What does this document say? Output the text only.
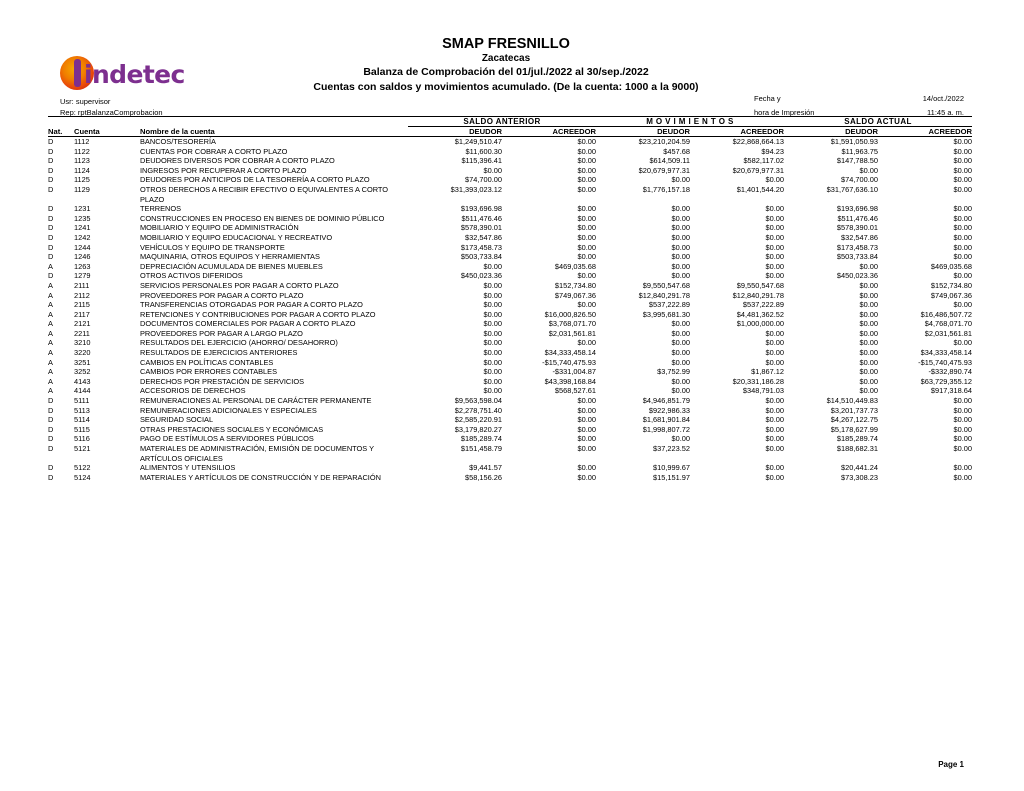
indetec
SMAP FRESNILLO
Zacatecas
Balanza de Comprobación del 01/jul./2022 al 30/sep./2022
Cuentas con saldos y movimientos acumulado. (De la cuenta: 1000 a la 9000)
Usr: supervisor
Rep: rptBalanzaComprobacion
Fecha y	14/oct./2022
hora de Impresión	11:45 a. m.
			SALDO ANTERIOR		M O V I M I E N T O S		SALDO ACTUAL	
Nat.	Cuenta	Nombre de la cuenta	DEUDOR	ACREEDOR	DEUDOR	ACREEDOR	DEUDOR	ACREEDOR
D	1112	BANCOS/TESORERÍA	$1,249,510.47	$0.00	$23,210,204.59	$22,868,664.13	$1,591,050.93	$0.00
D	1122	CUENTAS POR COBRAR A CORTO PLAZO	$11,600.30	$0.00	$457.68	$94.23	$11,963.75	$0.00
D	1123	DEUDORES DIVERSOS POR COBRAR A CORTO PLAZO	$115,396.41	$0.00	$614,509.11	$582,117.02	$147,788.50	$0.00
D	1124	INGRESOS POR RECUPERAR A CORTO PLAZO	$0.00	$0.00	$20,679,977.31	$20,679,977.31	$0.00	$0.00
D	1125	DEUDORES POR ANTICIPOS DE LA TESORERÍA A CORTO PLAZO	$74,700.00	$0.00	$0.00	$0.00	$74,700.00	$0.00
D	1129	OTROS DERECHOS A RECIBIR EFECTIVO O EQUIVALENTES A CORTO PLAZO	$31,393,023.12	$0.00	$1,776,157.18	$1,401,544.20	$31,767,636.10	$0.00
D	1231	TERRENOS	$193,696.98	$0.00	$0.00	$0.00	$193,696.98	$0.00
D	1235	CONSTRUCCIONES EN PROCESO EN BIENES DE DOMINIO PÚBLICO	$511,476.46	$0.00	$0.00	$0.00	$511,476.46	$0.00
D	1241	MOBILIARIO Y EQUIPO DE ADMINISTRACIÓN	$578,390.01	$0.00	$0.00	$0.00	$578,390.01	$0.00
D	1242	MOBILIARIO Y EQUIPO EDUCACIONAL Y RECREATIVO	$32,547.86	$0.00	$0.00	$0.00	$32,547.86	$0.00
D	1244	VEHÍCULOS Y EQUIPO DE TRANSPORTE	$173,458.73	$0.00	$0.00	$0.00	$173,458.73	$0.00
D	1246	MAQUINARIA, OTROS EQUIPOS Y HERRAMIENTAS	$503,733.84	$0.00	$0.00	$0.00	$503,733.84	$0.00
A	1263	DEPRECIACIÓN ACUMULADA DE BIENES MUEBLES	$0.00	$469,035.68	$0.00	$0.00	$0.00	$469,035.68
D	1279	OTROS ACTIVOS DIFERIDOS	$450,023.36	$0.00	$0.00	$0.00	$450,023.36	$0.00
A	2111	SERVICIOS PERSONALES POR PAGAR A CORTO PLAZO	$0.00	$152,734.80	$9,550,547.68	$9,550,547.68	$0.00	$152,734.80
A	2112	PROVEEDORES POR PAGAR A CORTO PLAZO	$0.00	$749,067.36	$12,840,291.78	$12,840,291.78	$0.00	$749,067.36
A	2115	TRANSFERENCIAS OTORGADAS POR PAGAR A CORTO PLAZO	$0.00	$0.00	$537,222.89	$537,222.89	$0.00	$0.00
A	2117	RETENCIONES Y CONTRIBUCIONES POR PAGAR A CORTO PLAZO	$0.00	$16,000,826.50	$3,995,681.30	$4,481,362.52	$0.00	$16,486,507.72
A	2121	DOCUMENTOS COMERCIALES POR PAGAR A CORTO PLAZO	$0.00	$3,768,071.70	$0.00	$1,000,000.00	$0.00	$4,768,071.70
A	2211	PROVEEDORES POR PAGAR A LARGO PLAZO	$0.00	$2,031,561.81	$0.00	$0.00	$0.00	$2,031,561.81
A	3210	RESULTADOS DEL EJERCICIO (AHORRO/ DESAHORRO)	$0.00	$0.00	$0.00	$0.00	$0.00	$0.00
A	3220	RESULTADOS DE EJERCICIOS ANTERIORES	$0.00	$34,333,458.14	$0.00	$0.00	$0.00	$34,333,458.14
A	3251	CAMBIOS EN POLÍTICAS CONTABLES	$0.00	-$15,740,475.93	$0.00	$0.00	$0.00	-$15,740,475.93
A	3252	CAMBIOS POR ERRORES CONTABLES	$0.00	-$331,004.87	$3,752.99	$1,867.12	$0.00	-$332,890.74
A	4143	DERECHOS POR PRESTACIÓN DE SERVICIOS	$0.00	$43,398,168.84	$0.00	$20,331,186.28	$0.00	$63,729,355.12
A	4144	ACCESORIOS DE DERECHOS	$0.00	$568,527.61	$0.00	$348,791.03	$0.00	$917,318.64
D	5111	REMUNERACIONES AL PERSONAL DE CARÁCTER PERMANENTE	$9,563,598.04	$0.00	$4,946,851.79	$0.00	$14,510,449.83	$0.00
D	5113	REMUNERACIONES ADICIONALES Y ESPECIALES	$2,278,751.40	$0.00	$922,986.33	$0.00	$3,201,737.73	$0.00
D	5114	SEGURIDAD SOCIAL	$2,585,220.91	$0.00	$1,681,901.84	$0.00	$4,267,122.75	$0.00
D	5115	OTRAS PRESTACIONES SOCIALES Y ECONÓMICAS	$3,179,820.27	$0.00	$1,998,807.72	$0.00	$5,178,627.99	$0.00
D	5116	PAGO DE ESTÍMULOS A SERVIDORES PÚBLICOS	$185,289.74	$0.00	$0.00	$0.00	$185,289.74	$0.00
D	5121	MATERIALES DE ADMINISTRACIÓN, EMISIÓN DE DOCUMENTOS Y ARTÍCULOS OFICIALES	$151,458.79	$0.00	$37,223.52	$0.00	$188,682.31	$0.00
D	5122	ALIMENTOS Y UTENSILIOS	$9,441.57	$0.00	$10,999.67	$0.00	$20,441.24	$0.00
D	5124	MATERIALES Y ARTÍCULOS DE CONSTRUCCIÓN Y DE REPARACIÓN	$58,156.26	$0.00	$15,151.97	$0.00	$73,308.23	$0.00
Page 1
